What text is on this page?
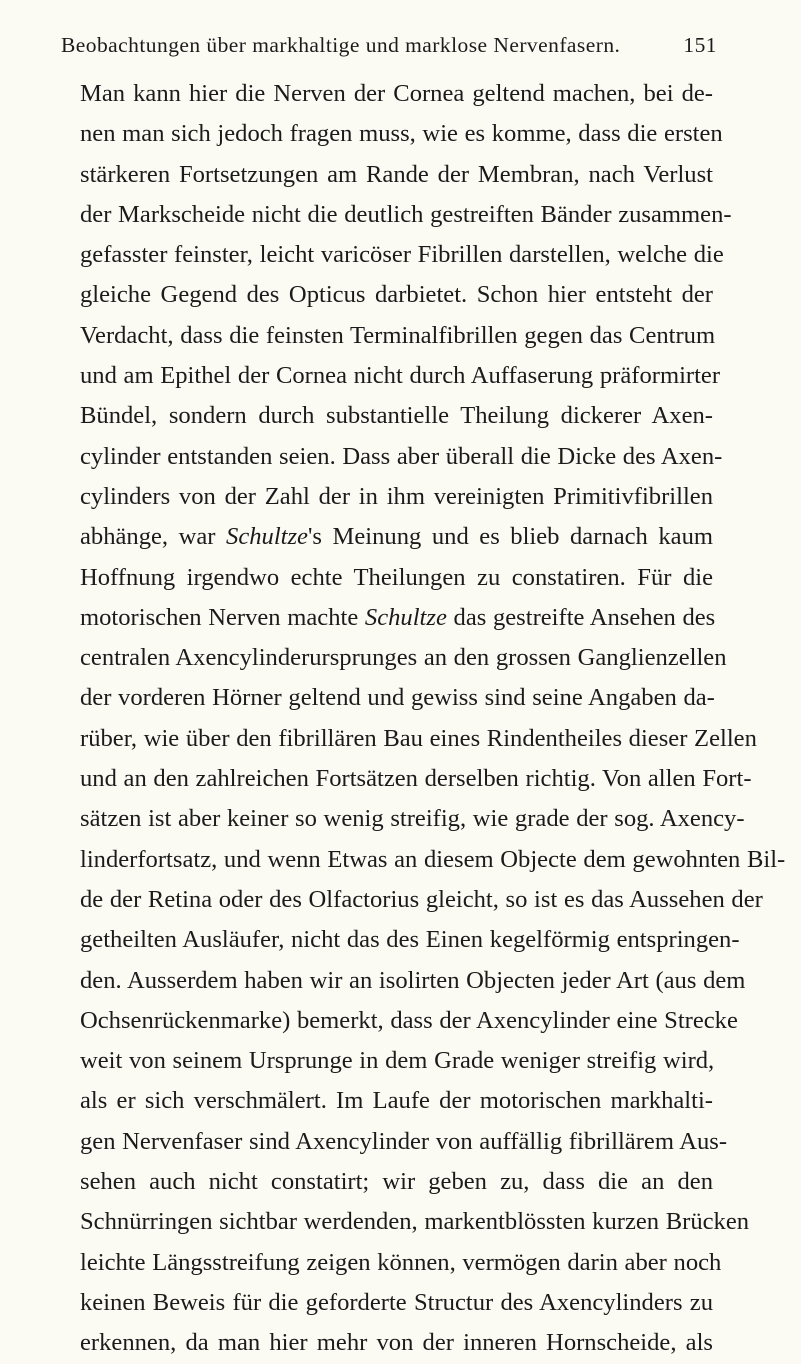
Beobachtungen über markhaltige und marklose Nervenfasern.	151
Man kann hier die Nerven der Cornea geltend machen, bei de-
nen man sich jedoch fragen muss, wie es komme, dass die ersten
stärkeren Fortsetzungen am Rande der Membran, nach Verlust
der Markscheide nicht die deutlich gestreiften Bänder zusammen-
gefasster feinster, leicht varicöser Fibrillen darstellen, welche die
gleiche Gegend des Opticus darbietet. Schon hier entsteht der
Verdacht, dass die feinsten Terminalfibrillen gegen das Centrum
und am Epithel der Cornea nicht durch Auffaserung präformirter
Bündel, sondern durch substantielle Theilung dickerer Axen-
cylinder entstanden seien. Dass aber überall die Dicke des Axen-
cylinders von der Zahl der in ihm vereinigten Primitivfibrillen
abhänge, war Schultze's Meinung und es blieb darnach kaum
Hoffnung irgendwo echte Theilungen zu constatiren. Für die
motorischen Nerven machte Schultze das gestreifte Ansehen des
centralen Axencylinderursprunges an den grossen Ganglienzellen
der vorderen Hörner geltend und gewiss sind seine Angaben da-
rüber, wie über den fibrillären Bau eines Rindentheiles dieser Zellen
und an den zahlreichen Fortsätzen derselben richtig. Von allen Fort-
sätzen ist aber keiner so wenig streifig, wie grade der sog. Axency-
linderfortsatz, und wenn Etwas an diesem Objecte dem gewohnten Bil-
de der Retina oder des Olfactorius gleicht, so ist es das Aussehen der
getheilten Ausläufer, nicht das des Einen kegelförmig entspringen-
den. Ausserdem haben wir an isolirten Objecten jeder Art (aus dem
Ochsenrückenmarke) bemerkt, dass der Axencylinder eine Strecke
weit von seinem Ursprunge in dem Grade weniger streifig wird,
als er sich verschmälert. Im Laufe der motorischen markhalti-
gen Nervenfaser sind Axencylinder von auffällig fibrillärem Aus-
sehen auch nicht constatirt; wir geben zu, dass die an den
Schnürringen sichtbar werdenden, markentblössten kurzen Brücken
leichte Längsstreifung zeigen können, vermögen darin aber noch
keinen Beweis für die geforderte Structur des Axencylinders zu
erkennen, da man hier mehr von der inneren Hornscheide, als
